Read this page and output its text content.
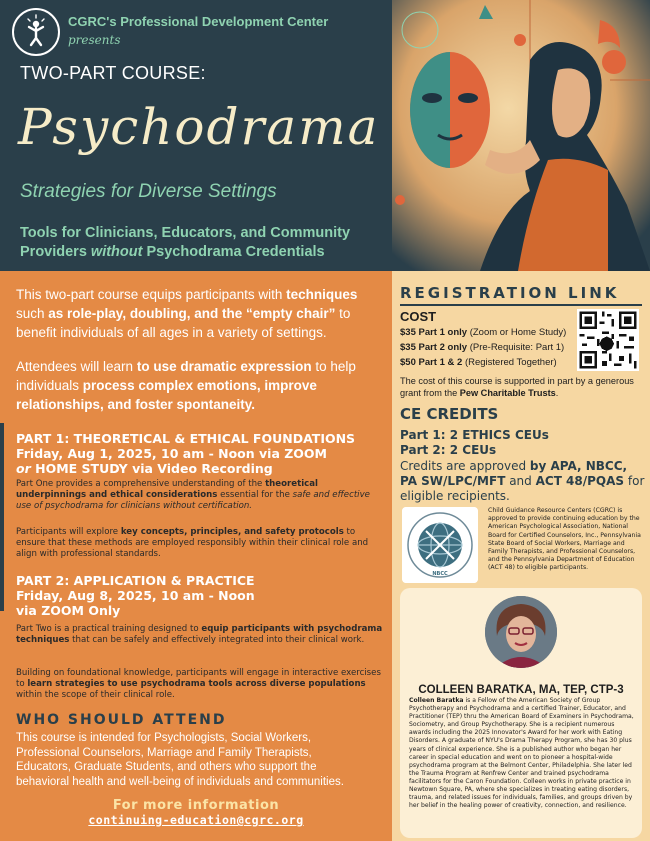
CGRC's Professional Development Center
presents
TWO-PART COURSE:
Psychodrama
Strategies for Diverse Settings
Tools for Clinicians, Educators, and Community
Providers without Psychodrama Credentials
This two-part course equips participants with techniques such as role-play, doubling, and the “empty chair” to benefit individuals of all ages in a variety of settings.
Attendees will learn to use dramatic expression to help individuals process complex emotions, improve relationships, and foster spontaneity.
PART 1: THEORETICAL & ETHICAL FOUNDATIONS
Friday, Aug 1, 2025, 10 am - Noon via ZOOM
or HOME STUDY via Video Recording
Part One provides a comprehensive understanding of the theoretical underpinnings and ethical considerations essential for the safe and effective use of psychodrama for clinicians without certification.
Participants will explore key concepts, principles, and safety protocols to ensure that these methods are employed responsibly within their clinical role and align with professional standards.
PART 2: APPLICATION & PRACTICE
Friday, Aug 8, 2025, 10 am - Noon
via ZOOM Only
Part Two is a practical training designed to equip participants with psychodrama techniques that can be safely and effectively integrated into their clinical work.
Building on foundational knowledge, participants will engage in interactive exercises to learn strategies to use psychodrama tools across diverse populations within the scope of their clinical role.
WHO SHOULD ATTEND
This course is intended for Psychologists, Social Workers, Professional Counselors, Marriage and Family Therapists, Educators, Graduate Students, and others who support the behavioral health and well-being of individuals and communities.
For more information
continuing-education@cgrc.org
REGISTRATION LINK
COST
$35 Part 1 only (Zoom or Home Study)
$35 Part 2 only (Pre-Requisite: Part 1)
$50 Part 1 & 2 (Registered Together)
The cost of this course is supported in part by a generous grant from the Pew Charitable Trusts.
CE CREDITS
Part 1: 2 ETHICS CEUs
Part 2: 2 CEUs
Credits are approved by APA, NBCC, PA SW/LPC/MFT and ACT 48/PQAS for eligible recipients.
NBCC
Child Guidance Resource Centers (CGRC) is approved to provide continuing education by the American Psychological Association, National Board for Certified Counselors, Inc., Pennsylvania State Board of Social Workers, Marriage and Family Therapists, and Professional Counselors, and the Pennsylvania Department of Education (ACT 48) to eligible participants.
COLLEEN BARATKA, MA, TEP, CTP-3
Colleen Baratka is a Fellow of the American Society of Group Psychotherapy and Psychodrama and a certified Trainer, Educator, and Practitioner (TEP) thru the American Board of Examiners in Psychodrama, Sociometry, and Group Psychotherapy. She is a recipient numerous awards including the 2025 Innovator's Award for her work with Eating Disorders. A graduate of NYU's Drama Therapy Program, she has 30 plus years of clinical experience. She is a published author who began her career in special education and went on to pioneer a hospital-wide psychodrama program at the Belmont Center, Philadelphia. She later led the Trauma Program at Renfrew Center and trained psychodrama facilitators for the Caron Foundation. Colleen works in private practice in Newtown Square, PA, where she specializes in treating eating disorders, trauma, and related issues for individuals, families, and groups driven by her belief in the healing power of creativity, connection, and resilience.
